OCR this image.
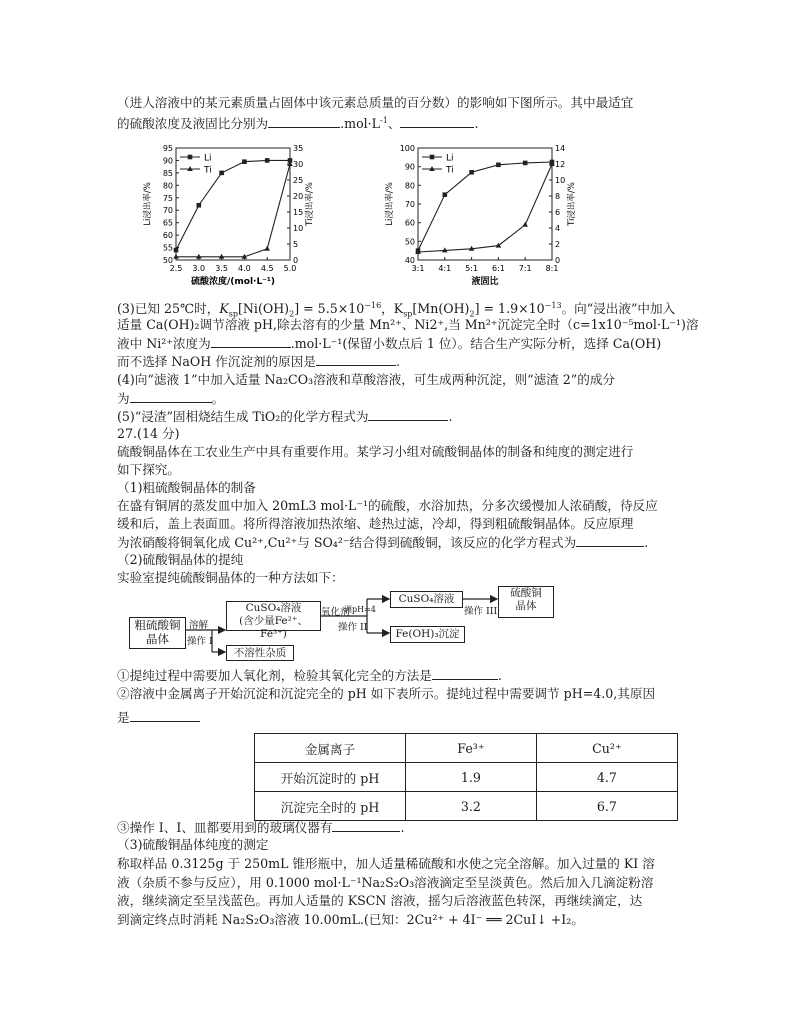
（进人溶液中的某元素质量占固体中该元素总质量的百分数）的影响如下图所示。其中最适宜
的硫酸浓度及液固比分别为	$.mol\cdot L^{-1}$、	.
50
55
60
65
70
75
80
85
90
95
0
5
10
15
20
25
30
35
2.5 3.0 3.5 4.0 4.5 5.0
硫酸浓度/(mol·L⁻¹)
Li浸出率/%	Ti浸出率/%
Li
Ti
40
50
60
70
80
90
100
0
2
4
6
8
10
12
14
3:1 4:1 5:1 6:1 7:1 8:1
液固比
Li浸出率/%	Ti浸出率/%
Li
Ti
(3)已知 25℃时，$K_{sp}[Ni(OH)_2] = 5.5\times 10^{-16}$，$K_{sp}[Mn(OH)_2] = 1.9\times 10^{-13}$。向“浸出液”中加入
适量 Ca(OH)₂调节溶液 pH,除去溶有的少量 Mn²⁺、Ni2⁺,当 Mn²⁺沉淀完全时（c=1x10⁻⁵mol·L⁻¹)溶
液中 Ni²⁺浓度为	.mol·L⁻¹(保留小数点后 1 位）。结合生产实际分析，选择 Ca(OH)
而不选择 NaOH 作沉淀剂的原因是	.
(4)向“滤液 1”中加入适量 Na₂CO₃溶液和草酸溶液，可生成两种沉淀，则“滤渣 2”的成分
为	。
(5)“浸渣”固相烧结生成 TiO₂的化学方程式为	.
27.(14 分)
硫酸铜晶体在工农业生产中具有重要作用。某学习小组对硫酸铜晶体的制备和纯度的测定进行
如下探究。
（1)粗硫酸铜晶体的制备
在盛有铜屑的蒸发皿中加入 20mL3 mol·L⁻¹的硫酸，水浴加热，分多次缓慢加人浓硝酸，待反应
缓和后，盖上表面皿。将所得溶液加热浓缩、趁热过滤，冷却，得到粗硫酸铜晶体。反应原理
为浓硝酸将铜氧化成 Cu²⁺,Cu²⁺与 SO₄²⁻结合得到硫酸铜，该反应的化学方程式为	.
（2)硫酸铜晶体的提纯
实验室提纯硫酸铜晶体的一种方法如下：
粗硫酸铜
晶体
溶解
操作 I
CuSO₄溶液
(含少量Fe²⁺、Fe³⁺)
不溶性杂质
氧化剂
调pH=4
操作 II
CuSO₄溶液
操作 III
硫酸铜
晶体
Fe(OH)₃沉淀
①提纯过程中需要加人氧化剂，检验其氧化完全的方法是	.
②溶液中金属离子开始沉淀和沉淀完全的 pH 如下表所示。提纯过程中需要调节 pH=4.0,其原因
是
金属离子	Fe³⁺	Cu²⁺
开始沉淀时的 pH	1.9	4.7
沉淀完全时的 pH	3.2	6.7
③操作 I、I、皿都要用到的玻璃仪器有	.
（3)硫酸铜晶体纯度的测定
称取样品 0.3125g 于 250mL 锥形瓶中，加人适量稀硫酸和水使之完全溶解。加入过量的 KI 溶
液（杂质不参与反应），用 0.1000 mol·L⁻¹Na₂S₂O₃溶液滴定至呈淡黄色。然后加入几滴淀粉溶
液，继续滴定至呈浅蓝色。再加人适量的 KSCN 溶液，摇匀后溶液蓝色转深，再继续滴定，达
到滴定终点时消耗 Na₂S₂O₃溶液 10.00mL.(已知：2Cu²⁺ + 4I⁻ ══ 2CuI↓ +I₂。
